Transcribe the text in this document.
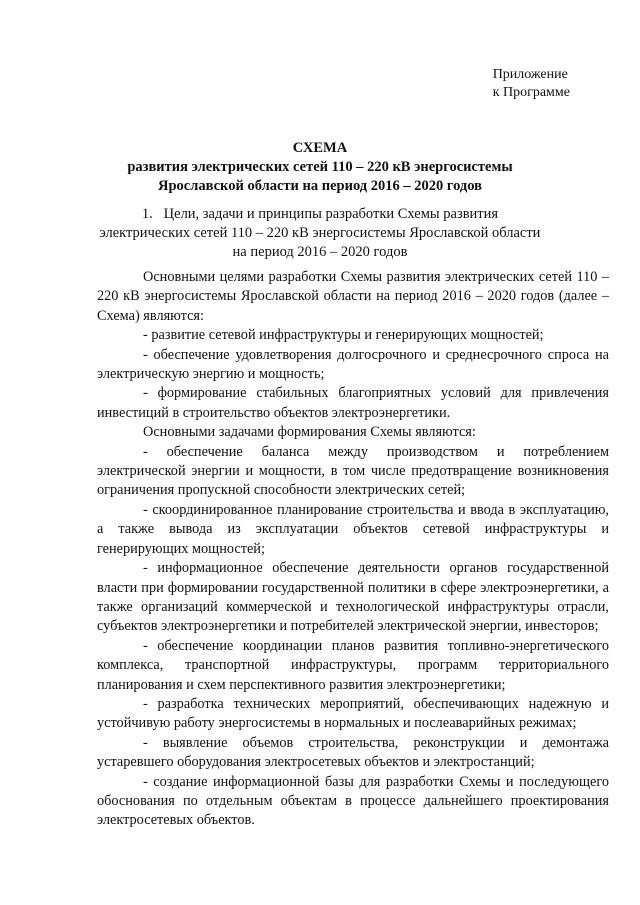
Приложение
к Программе
СХЕМА
развития электрических сетей 110 – 220 кВ энергосистемы
Ярославской области на период 2016 – 2020 годов
1.   Цели, задачи и принципы разработки Схемы развития
электрических сетей 110 – 220 кВ энергосистемы Ярославской области
на период 2016 – 2020 годов

Основными целями разработки Схемы развития электрических сетей 110 – 220 кВ энергосистемы Ярославской области на период 2016 – 2020 годов (далее – Схема) являются:

- развитие сетевой инфраструктуры и генерирующих мощностей;

- обеспечение удовлетворения долгосрочного и среднесрочного спроса на электрическую энергию и мощность;

- формирование стабильных благоприятных условий для привлечения инвестиций в строительство объектов электроэнергетики.

Основными задачами формирования Схемы являются:

- обеспечение баланса между производством и потреблением электрической энергии и мощности, в том числе предотвращение возникновения ограничения пропускной способности электрических сетей;

- скоординированное планирование строительства и ввода в эксплуатацию, а также вывода из эксплуатации объектов сетевой инфраструктуры и генерирующих мощностей;

- информационное обеспечение деятельности органов государственной власти при формировании государственной политики в сфере электроэнергетики, а также организаций коммерческой и технологической инфраструктуры отрасли, субъектов электроэнергетики и потребителей электрической энергии, инвесторов;

- обеспечение координации планов развития топливно-энергетического комплекса, транспортной инфраструктуры, программ территориального планирования и схем перспективного развития электроэнергетики;

- разработка технических мероприятий, обеспечивающих надежную и устойчивую работу энергосистемы в нормальных и послеаварийных режимах;

- выявление объемов строительства, реконструкции и демонтажа устаревшего оборудования электросетевых объектов и электростанций;

- создание информационной базы для разработки Схемы и последующего обоснования по отдельным объектам в процессе дальнейшего проектирования электросетевых объектов.
